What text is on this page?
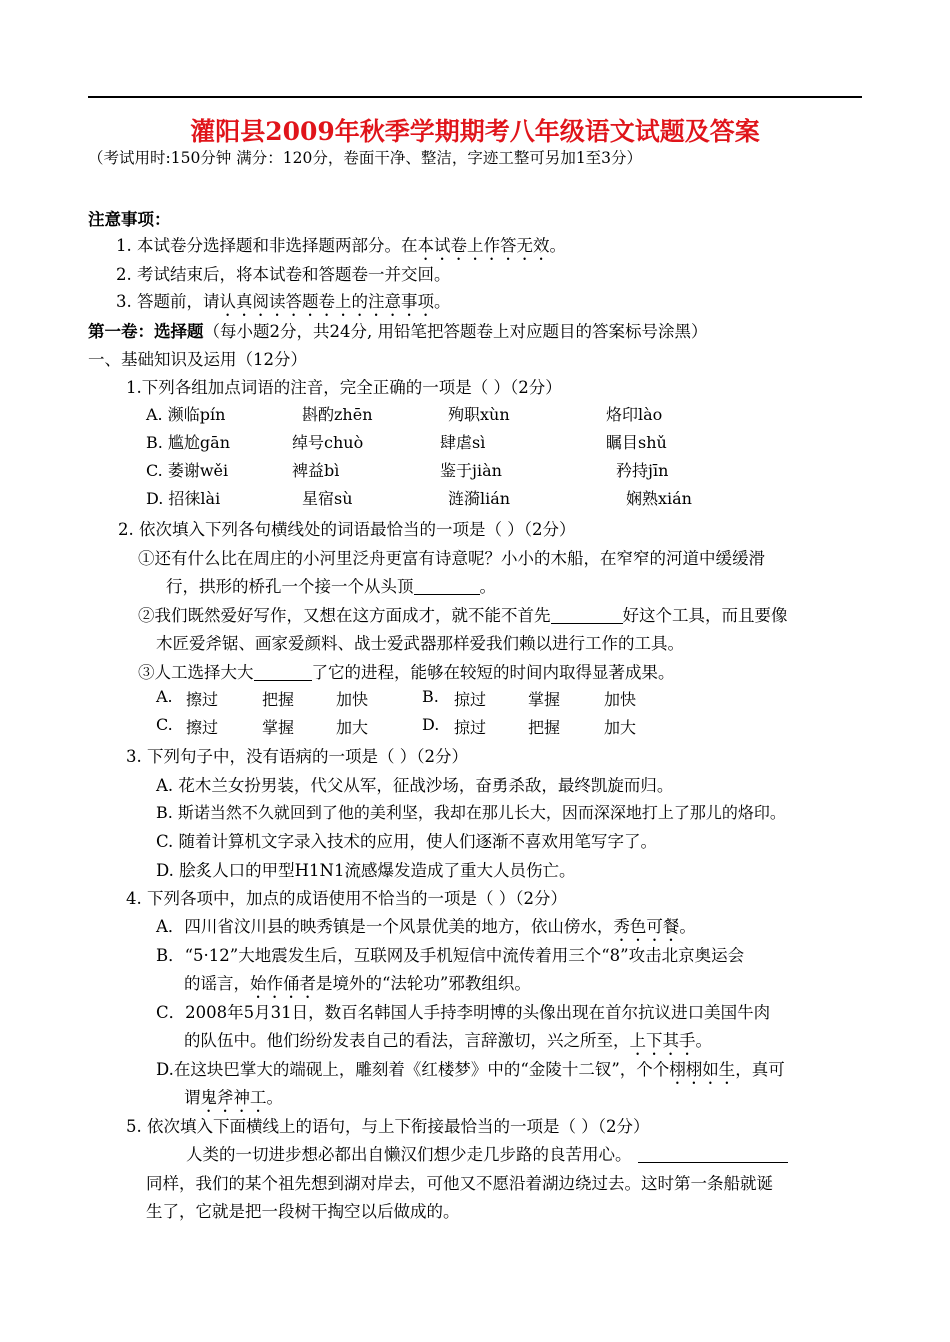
灌阳县2009年秋季学期期考八年级语文试题及答案
（考试用时:150分钟 满分：120分，卷面干净、整洁，字迹工整可另加1至3分）
注意事项：
1. 本试卷分选择题和非选择题两部分。在本试卷上作答无效。
2. 考试结束后，将本试卷和答题卷一并交回。
3. 答题前，请认真阅读答题卷上的注意事项。
第一卷：选择题（每小题2分，共24分, 用铅笔把答题卷上对应题目的答案标号涂黑）
一、基础知识及运用（12分）
1.下列各组加点词语的注音，完全正确的一项是（ ）（2分）
A. 濒临pín	斟酌zhēn	殉职xùn	烙印lào
B. 尴尬gān	绰号chuò	肆虐sì	瞩目shǔ
C. 萎谢wěi	裨益bì	鉴于jiàn	矜持jīn
D. 招徕lài	星宿sù	涟漪lián	娴熟xián
2. 依次填入下列各句横线处的词语最恰当的一项是（ ）（2分）
①还有什么比在周庄的小河里泛舟更富有诗意呢？小小的木船，在窄窄的河道中缓缓滑
行，拱形的桥孔一个接一个从头顶	。
②我们既然爱好写作，又想在这方面成才，就不能不首先	好这个工具，而且要像
木匠爱斧锯、画家爱颜料、战士爱武器那样爱我们赖以进行工作的工具。
③人工选择大大	了它的进程，能够在较短的时间内取得显著成果。
A. 擦过	把握	加快	B. 掠过	掌握	加快
C. 擦过	掌握	加大	D. 掠过	把握	加大
3. 下列句子中，没有语病的一项是（ ）（2分）
A. 花木兰女扮男装，代父从军，征战沙场，奋勇杀敌，最终凯旋而归。
B. 斯诺当然不久就回到了他的美利坚，我却在那儿长大，因而深深地打上了那儿的烙印。
C. 随着计算机文字录入技术的应用，使人们逐渐不喜欢用笔写字了。
D. 脍炙人口的甲型H1N1流感爆发造成了重大人员伤亡。
4. 下列各项中，加点的成语使用不恰当的一项是（ ）（2分）
A．四川省汶川县的映秀镇是一个风景优美的地方，依山傍水，秀色可餐。
B．“5·12”大地震发生后，互联网及手机短信中流传着用三个“8”攻击北京奥运会
的谣言，始作俑者是境外的“法轮功”邪教组织。
C．2008年5月31日，数百名韩国人手持李明博的头像出现在首尔抗议进口美国牛肉
的队伍中。他们纷纷发表自己的看法，言辞激切，兴之所至，上下其手。
D.在这块巴掌大的端砚上，雕刻着《红楼梦》中的“金陵十二钗”，个个栩栩如生，真可
谓鬼斧神工。
5. 依次填入下面横线上的语句，与上下衔接最恰当的一项是（ ）（2分）
人类的一切进步想必都出自懒汉们想少走几步路的良苦用心。
同样，我们的某个祖先想到湖对岸去，可他又不愿沿着湖边绕过去。这时第一条船就诞
生了，它就是把一段树干掏空以后做成的。
